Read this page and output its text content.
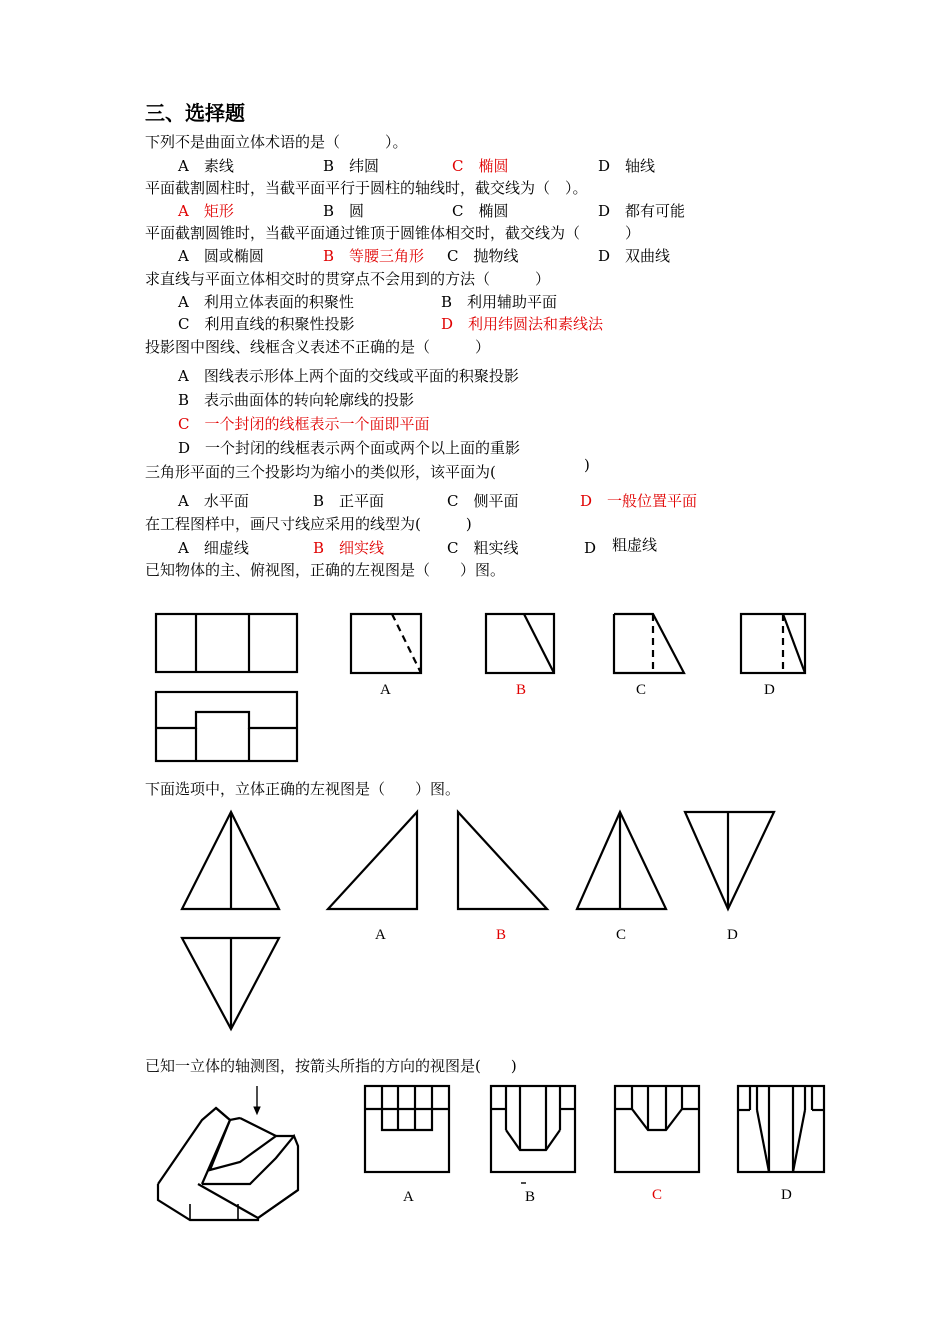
三、选择题
下列不是曲面立体术语的是（　　　）。
A　素线	B　纬圆	C　椭圆	D　轴线
平面截割圆柱时，当截平面平行于圆柱的轴线时，截交线为（　）。
A　矩形	B　圆	C　椭圆	D　都有可能
平面截割圆锥时，当截平面通过锥顶于圆锥体相交时，截交线为（　　　）
A　圆或椭圆	B　等腰三角形 C　抛物线	D　双曲线
求直线与平面立体相交时的贯穿点不会用到的方法（　　　）
A　利用立体表面的积聚性	B　利用辅助平面
C　利用直线的积聚性投影	D　利用纬圆法和素线法
投影图中图线、线框含义表述不正确的是（　　　）
A　图线表示形体上两个面的交线或平面的积聚投影
B　表示曲面体的转向轮廓线的投影
C　一个封闭的线框表示一个面即平面
D　一个封闭的线框表示两个面或两个以上面的重影
三角形平面的三个投影均为缩小的类似形，该平面为(	)
A　水平面	B　正平面	C　侧平面	D　一般位置平面
在工程图样中，画尺寸线应采用的线型为(　　　)
A　细虚线	B　细实线	C　粗实线	D 粗虚线
已知物体的主、俯视图，正确的左视图是（　　）图。
A	B	C	D
下面选项中，立体正确的左视图是（　　）图。
A	B	C	D
已知一立体的轴测图，按箭头所指的方向的视图是(　　)
A	B	C	D
